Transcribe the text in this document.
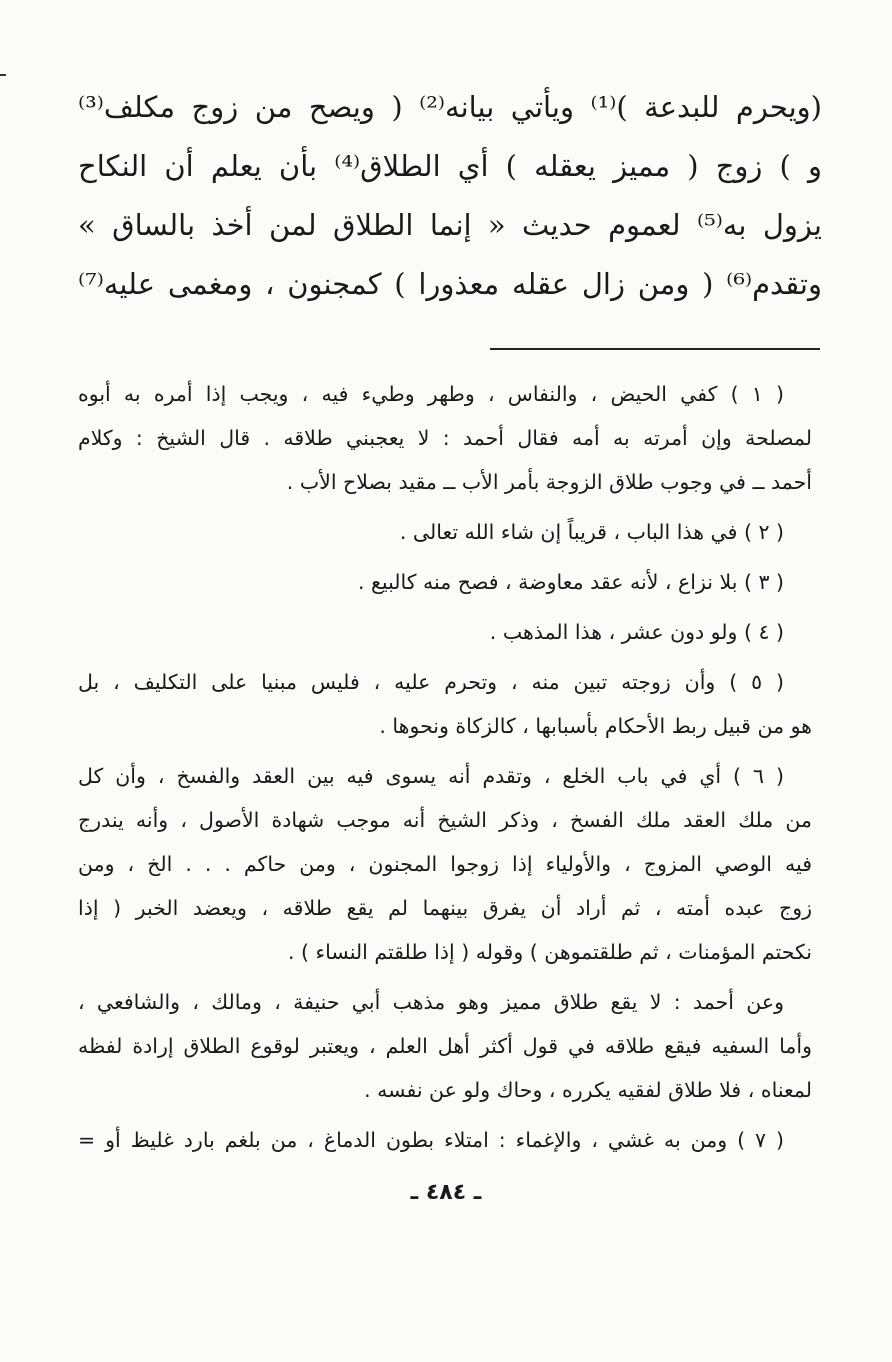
(ويحرم للبدعة )⁽¹⁾ ويأتي بيانه⁽²⁾ ( ويصح من زوج مكلف⁽³⁾
و ) زوج ( مميز يعقله ) أي الطلاق⁽⁴⁾ بأن يعلم أن النكاح
يزول به⁽⁵⁾ لعموم حديث « إنما الطلاق لمن أخذ بالساق »
وتقدم⁽⁶⁾ ( ومن زال عقله معذورا ) كمجنون ، ومغمى عليه⁽⁷⁾
( ١ ) كفي الحيض ، والنفاس ، وطهر وطيء فيه ، ويجب إذا أمره به أبوه
لمصلحة وإن أمرته به أمه فقال أحمد : لا يعجبني طلاقه . قال الشيخ : وكلام
أحمد ــ في وجوب طلاق الزوجة بأمر الأب ــ مقيد بصلاح الأب .
( ٢ ) في هذا الباب ، قريباً إن شاء الله تعالى .
( ٣ ) بلا نزاع ، لأنه عقد معاوضة ، فصح منه كالبيع .
( ٤ ) ولو دون عشر ، هذا المذهب .
( ٥ ) وأن زوجته تبين منه ، وتحرم عليه ، فليس مبنيا على التكليف ، بل
هو من قبيل ربط الأحكام بأسبابها ، كالزكاة ونحوها .
( ٦ ) أي في باب الخلع ، وتقدم أنه يسوى فيه بين العقد والفسخ ، وأن كل
من ملك العقد ملك الفسخ ، وذكر الشيخ أنه موجب شهادة الأصول ، وأنه يندرج
فيه الوصي المزوج ، والأولياء إذا زوجوا المجنون ، ومن حاكم . . . الخ ، ومن
زوج عبده أمته ، ثم أراد أن يفرق بينهما لم يقع طلاقه ، ويعضد الخبر ( إذا
نكحتم المؤمنات ، ثم طلقتموهن ) وقوله ( إذا طلقتم النساء ) .
وعن أحمد : لا يقع طلاق مميز وهو مذهب أبي حنيفة ، ومالك ، والشافعي ،
وأما السفيه فيقع طلاقه في قول أكثر أهل العلم ، ويعتبر لوقوع الطلاق إرادة لفظه
لمعناه ، فلا طلاق لفقيه يكرره ، وحاك ولو عن نفسه .
( ٧ ) ومن به غشي ، والإغماء : امتلاء بطون الدماغ ، من بلغم بارد غليظ أو =
ـ ٤٨٤ ـ
